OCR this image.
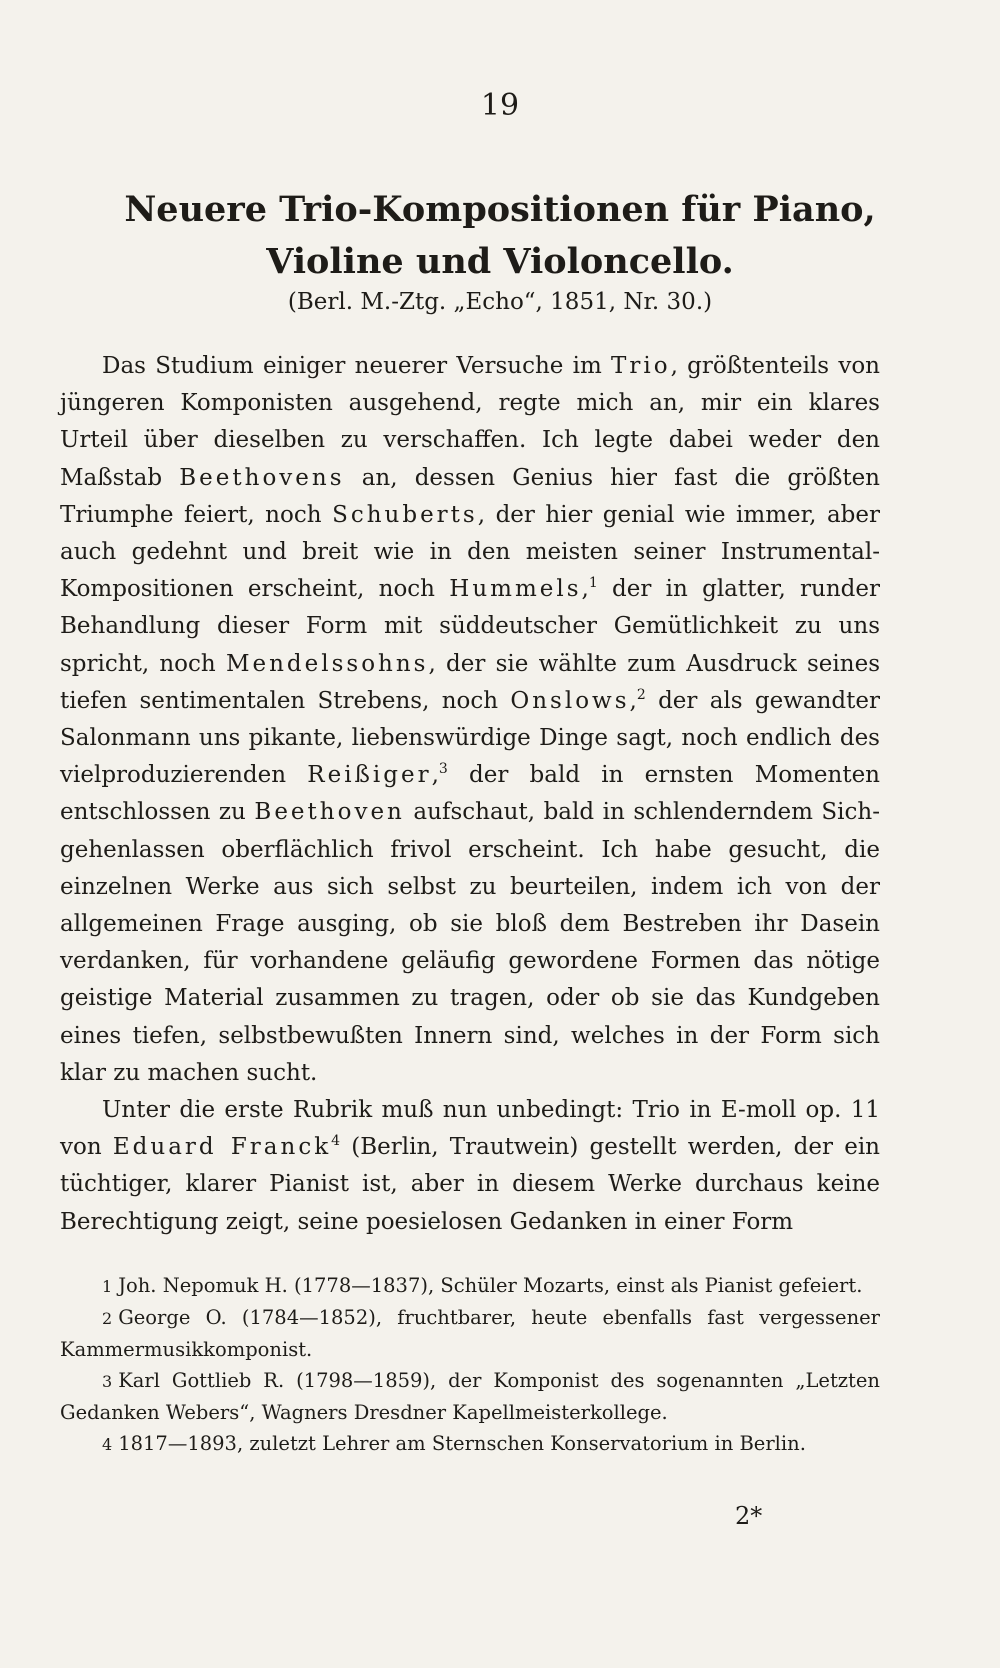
19
Neuere Trio-Kompositionen für Piano, Violine und Violoncello.
(Berl. M.-Ztg. „Echo“, 1851, Nr. 30.)

Das Studium einiger neuerer Versuche im Trio, größtenteils von jüngeren Komponisten ausgehend, regte mich an, mir ein klares Urteil über dieselben zu verschaffen. Ich legte dabei weder den Maßstab Beethovens an, dessen Genius hier fast die größten Triumphe feiert, noch Schuberts, der hier genial wie immer, aber auch gedehnt und breit wie in den meisten seiner Instrumental-Kompositionen erscheint, noch Hummels,$^1$ der in glatter, runder Behandlung dieser Form mit süddeutscher Gemütlichkeit zu uns spricht, noch Mendelssohns, der sie wählte zum Ausdruck seines tiefen sentimentalen Strebens, noch Onslows,$^2$ der als gewandter Salonmann uns pikante, liebenswürdige Dinge sagt, noch endlich des vielproduzierenden Reißiger,$^3$ der bald in ernsten Momenten entschlossen zu Beethoven aufschaut, bald in schlenderndem Sich-gehenlassen oberflächlich frivol erscheint. Ich habe gesucht, die einzelnen Werke aus sich selbst zu beurteilen, indem ich von der allgemeinen Frage ausging, ob sie bloß dem Bestreben ihr Dasein verdanken, für vorhandene geläufig gewordene Formen das nötige geistige Material zusammen zu tragen, oder ob sie das Kundgeben eines tiefen, selbstbewußten Innern sind, welches in der Form sich klar zu machen sucht.

Unter die erste Rubrik muß nun unbedingt: Trio in E-moll op. 11 von Eduard Franck$^4$ (Berlin, Trautwein) gestellt werden, der ein tüchtiger, klarer Pianist ist, aber in diesem Werke durchaus keine Berechtigung zeigt, seine poesielosen Gedanken in einer Form

1 Joh. Nepomuk H. (1778—1837), Schüler Mozarts, einst als Pianist gefeiert.

2 George O. (1784—1852), fruchtbarer, heute ebenfalls fast vergessener Kammermusikkomponist.

3 Karl Gottlieb R. (1798—1859), der Komponist des sogenannten „Letzten Gedanken Webers“, Wagners Dresdner Kapellmeisterkollege.

4 1817—1893, zuletzt Lehrer am Sternschen Konservatorium in Berlin.

2*
